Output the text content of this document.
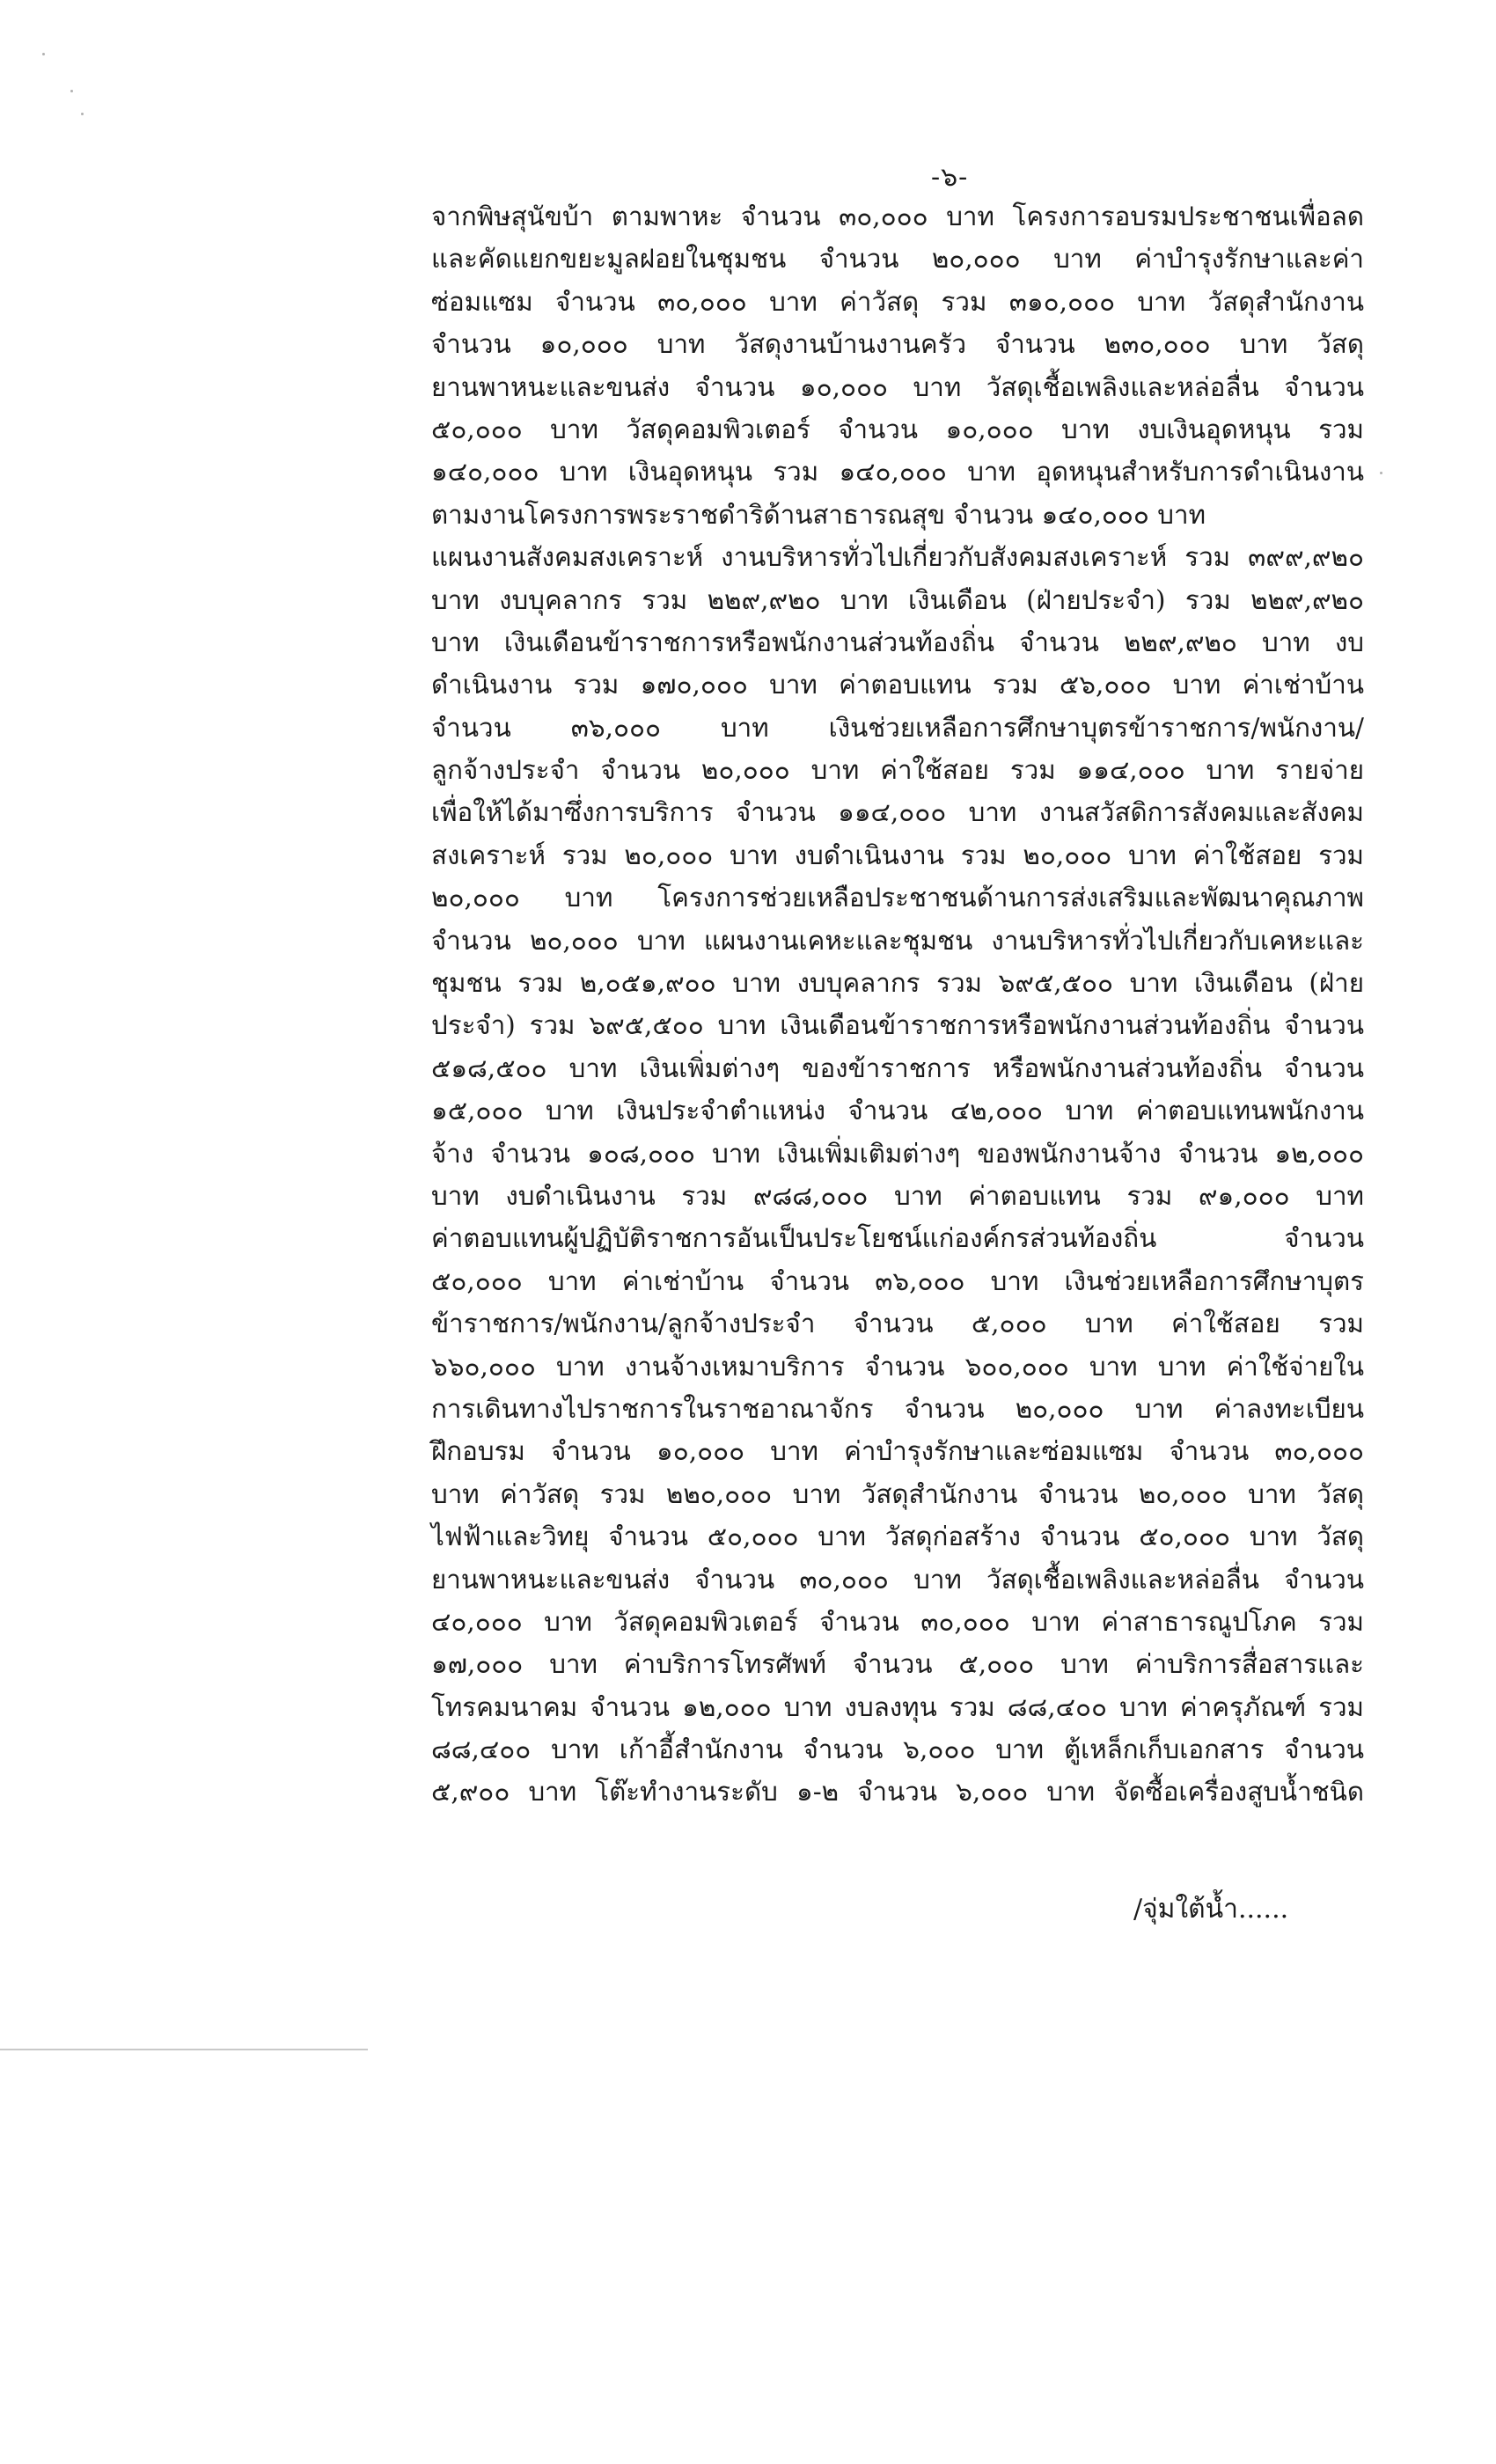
-๖-
จากพิษสุนัขบ้า ตามพาหะ จำนวน ๓๐,๐๐๐ บาท โครงการอบรมประชาชนเพื่อลด
และคัดแยกขยะมูลฝอยในชุมชน จำนวน ๒๐,๐๐๐ บาท ค่าบำรุงรักษาและค่า
ซ่อมแซม จำนวน ๓๐,๐๐๐ บาท ค่าวัสดุ รวม ๓๑๐,๐๐๐ บาท วัสดุสำนักงาน
จำนวน ๑๐,๐๐๐ บาท วัสดุงานบ้านงานครัว จำนวน ๒๓๐,๐๐๐ บาท วัสดุ
ยานพาหนะและขนส่ง จำนวน ๑๐,๐๐๐ บาท วัสดุเชื้อเพลิงและหล่อลื่น จำนวน
๕๐,๐๐๐ บาท วัสดุคอมพิวเตอร์ จำนวน ๑๐,๐๐๐ บาท งบเงินอุดหนุน รวม
๑๔๐,๐๐๐ บาท เงินอุดหนุน รวม ๑๔๐,๐๐๐ บาท อุดหนุนสำหรับการดำเนินงาน
ตามงานโครงการพระราชดำริด้านสาธารณสุข จำนวน ๑๔๐,๐๐๐ บาท
แผนงานสังคมสงเคราะห์ งานบริหารทั่วไปเกี่ยวกับสังคมสงเคราะห์ รวม ๓๙๙,๙๒๐
บาท งบบุคลากร รวม ๒๒๙,๙๒๐ บาท เงินเดือน (ฝ่ายประจำ) รวม ๒๒๙,๙๒๐
บาท เงินเดือนข้าราชการหรือพนักงานส่วนท้องถิ่น จำนวน ๒๒๙,๙๒๐ บาท งบ
ดำเนินงาน รวม ๑๗๐,๐๐๐ บาท ค่าตอบแทน รวม ๕๖,๐๐๐ บาท ค่าเช่าบ้าน
จำนวน ๓๖,๐๐๐ บาท เงินช่วยเหลือการศึกษาบุตรข้าราชการ/พนักงาน/
ลูกจ้างประจำ จำนวน ๒๐,๐๐๐ บาท ค่าใช้สอย รวม ๑๑๔,๐๐๐ บาท รายจ่าย
เพื่อให้ได้มาซึ่งการบริการ จำนวน ๑๑๔,๐๐๐ บาท งานสวัสดิการสังคมและสังคม
สงเคราะห์ รวม ๒๐,๐๐๐ บาท งบดำเนินงาน รวม ๒๐,๐๐๐ บาท ค่าใช้สอย รวม
๒๐,๐๐๐ บาท โครงการช่วยเหลือประชาชนด้านการส่งเสริมและพัฒนาคุณภาพ
จำนวน ๒๐,๐๐๐ บาท แผนงานเคหะและชุมชน งานบริหารทั่วไปเกี่ยวกับเคหะและ
ชุมชน รวม ๒,๐๕๑,๙๐๐ บาท งบบุคลากร รวม ๖๙๕,๕๐๐ บาท เงินเดือน (ฝ่าย
ประจำ) รวม ๖๙๕,๕๐๐ บาท เงินเดือนข้าราชการหรือพนักงานส่วนท้องถิ่น จำนวน
๕๑๘,๕๐๐ บาท เงินเพิ่มต่างๆ ของข้าราชการ หรือพนักงานส่วนท้องถิ่น จำนวน
๑๕,๐๐๐ บาท เงินประจำตำแหน่ง จำนวน ๔๒,๐๐๐ บาท ค่าตอบแทนพนักงาน
จ้าง จำนวน ๑๐๘,๐๐๐ บาท เงินเพิ่มเติมต่างๆ ของพนักงานจ้าง จำนวน ๑๒,๐๐๐
บาท งบดำเนินงาน รวม ๙๘๘,๐๐๐ บาท ค่าตอบแทน รวม ๙๑,๐๐๐ บาท
ค่าตอบแทนผู้ปฏิบัติราชการอันเป็นประโยชน์แก่องค์กรส่วนท้องถิ่น จำนวน
๕๐,๐๐๐ บาท ค่าเช่าบ้าน จำนวน ๓๖,๐๐๐ บาท เงินช่วยเหลือการศึกษาบุตร
ข้าราชการ/พนักงาน/ลูกจ้างประจำ จำนวน ๕,๐๐๐ บาท ค่าใช้สอย รวม
๖๖๐,๐๐๐ บาท งานจ้างเหมาบริการ จำนวน ๖๐๐,๐๐๐ บาท บาท ค่าใช้จ่ายใน
การเดินทางไปราชการในราชอาณาจักร จำนวน ๒๐,๐๐๐ บาท ค่าลงทะเบียน
ฝึกอบรม จำนวน ๑๐,๐๐๐ บาท ค่าบำรุงรักษาและซ่อมแซม จำนวน ๓๐,๐๐๐
บาท ค่าวัสดุ รวม ๒๒๐,๐๐๐ บาท วัสดุสำนักงาน จำนวน ๒๐,๐๐๐ บาท วัสดุ
ไฟฟ้าและวิทยุ จำนวน ๕๐,๐๐๐ บาท วัสดุก่อสร้าง จำนวน ๕๐,๐๐๐ บาท วัสดุ
ยานพาหนะและขนส่ง จำนวน ๓๐,๐๐๐ บาท วัสดุเชื้อเพลิงและหล่อลื่น จำนวน
๔๐,๐๐๐ บาท วัสดุคอมพิวเตอร์ จำนวน ๓๐,๐๐๐ บาท ค่าสาธารณูปโภค รวม
๑๗,๐๐๐ บาท ค่าบริการโทรศัพท์ จำนวน ๕,๐๐๐ บาท ค่าบริการสื่อสารและ
โทรคมนาคม จำนวน ๑๒,๐๐๐ บาท งบลงทุน รวม ๘๘,๔๐๐ บาท ค่าครุภัณฑ์ รวม
๘๘,๔๐๐ บาท เก้าอี้สำนักงาน จำนวน ๖,๐๐๐ บาท ตู้เหล็กเก็บเอกสาร จำนวน
๕,๙๐๐ บาท โต๊ะทำงานระดับ ๑-๒ จำนวน ๖,๐๐๐ บาท จัดซื้อเครื่องสูบน้ำชนิด
/จุ่มใต้น้ำ......
